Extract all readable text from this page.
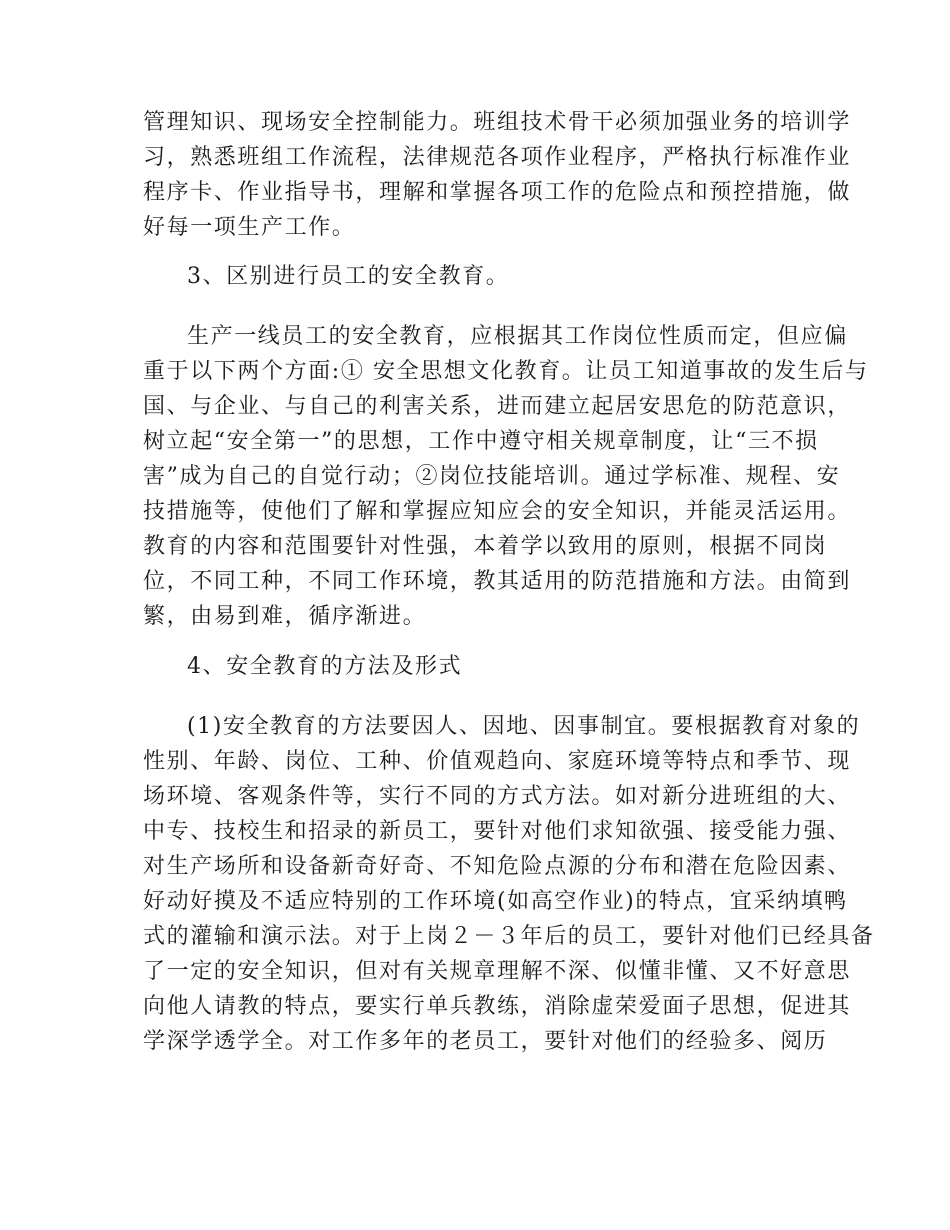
管理知识、现场安全控制能力。班组技术骨干必须加强业务的培训学
习，熟悉班组工作流程，法律规范各项作业程序，严格执行标准作业
程序卡、作业指导书，理解和掌握各项工作的危险点和预控措施，做
好每一项生产工作。
3、区别进行员工的安全教育。
生产一线员工的安全教育，应根据其工作岗位性质而定，但应偏
重于以下两个方面:① 安全思想文化教育。让员工知道事故的发生后与
国、与企业、与自己的利害关系，进而建立起居安思危的防范意识，
树立起“安全第一”的思想，工作中遵守相关规章制度，让“三不损
害”成为自己的自觉行动；②岗位技能培训。通过学标准、规程、安
技措施等，使他们了解和掌握应知应会的安全知识，并能灵活运用。
教育的内容和范围要针对性强，本着学以致用的原则，根据不同岗
位，不同工种，不同工作环境，教其适用的防范措施和方法。由简到
繁，由易到难，循序渐进。
4、安全教育的方法及形式
(1)安全教育的方法要因人、因地、因事制宜。要根据教育对象的
性别、年龄、岗位、工种、价值观趋向、家庭环境等特点和季节、现
场环境、客观条件等，实行不同的方式方法。如对新分进班组的大、
中专、技校生和招录的新员工，要针对他们求知欲强、接受能力强、
对生产场所和设备新奇好奇、不知危险点源的分布和潜在危险因素、
好动好摸及不适应特别的工作环境(如高空作业)的特点，宜采纳填鸭
式的灌输和演示法。对于上岗２－３年后的员工，要针对他们已经具备
了一定的安全知识，但对有关规章理解不深、似懂非懂、又不好意思
向他人请教的特点，要实行单兵教练，消除虚荣爱面子思想，促进其
学深学透学全。对工作多年的老员工，要针对他们的经验多、阅历
